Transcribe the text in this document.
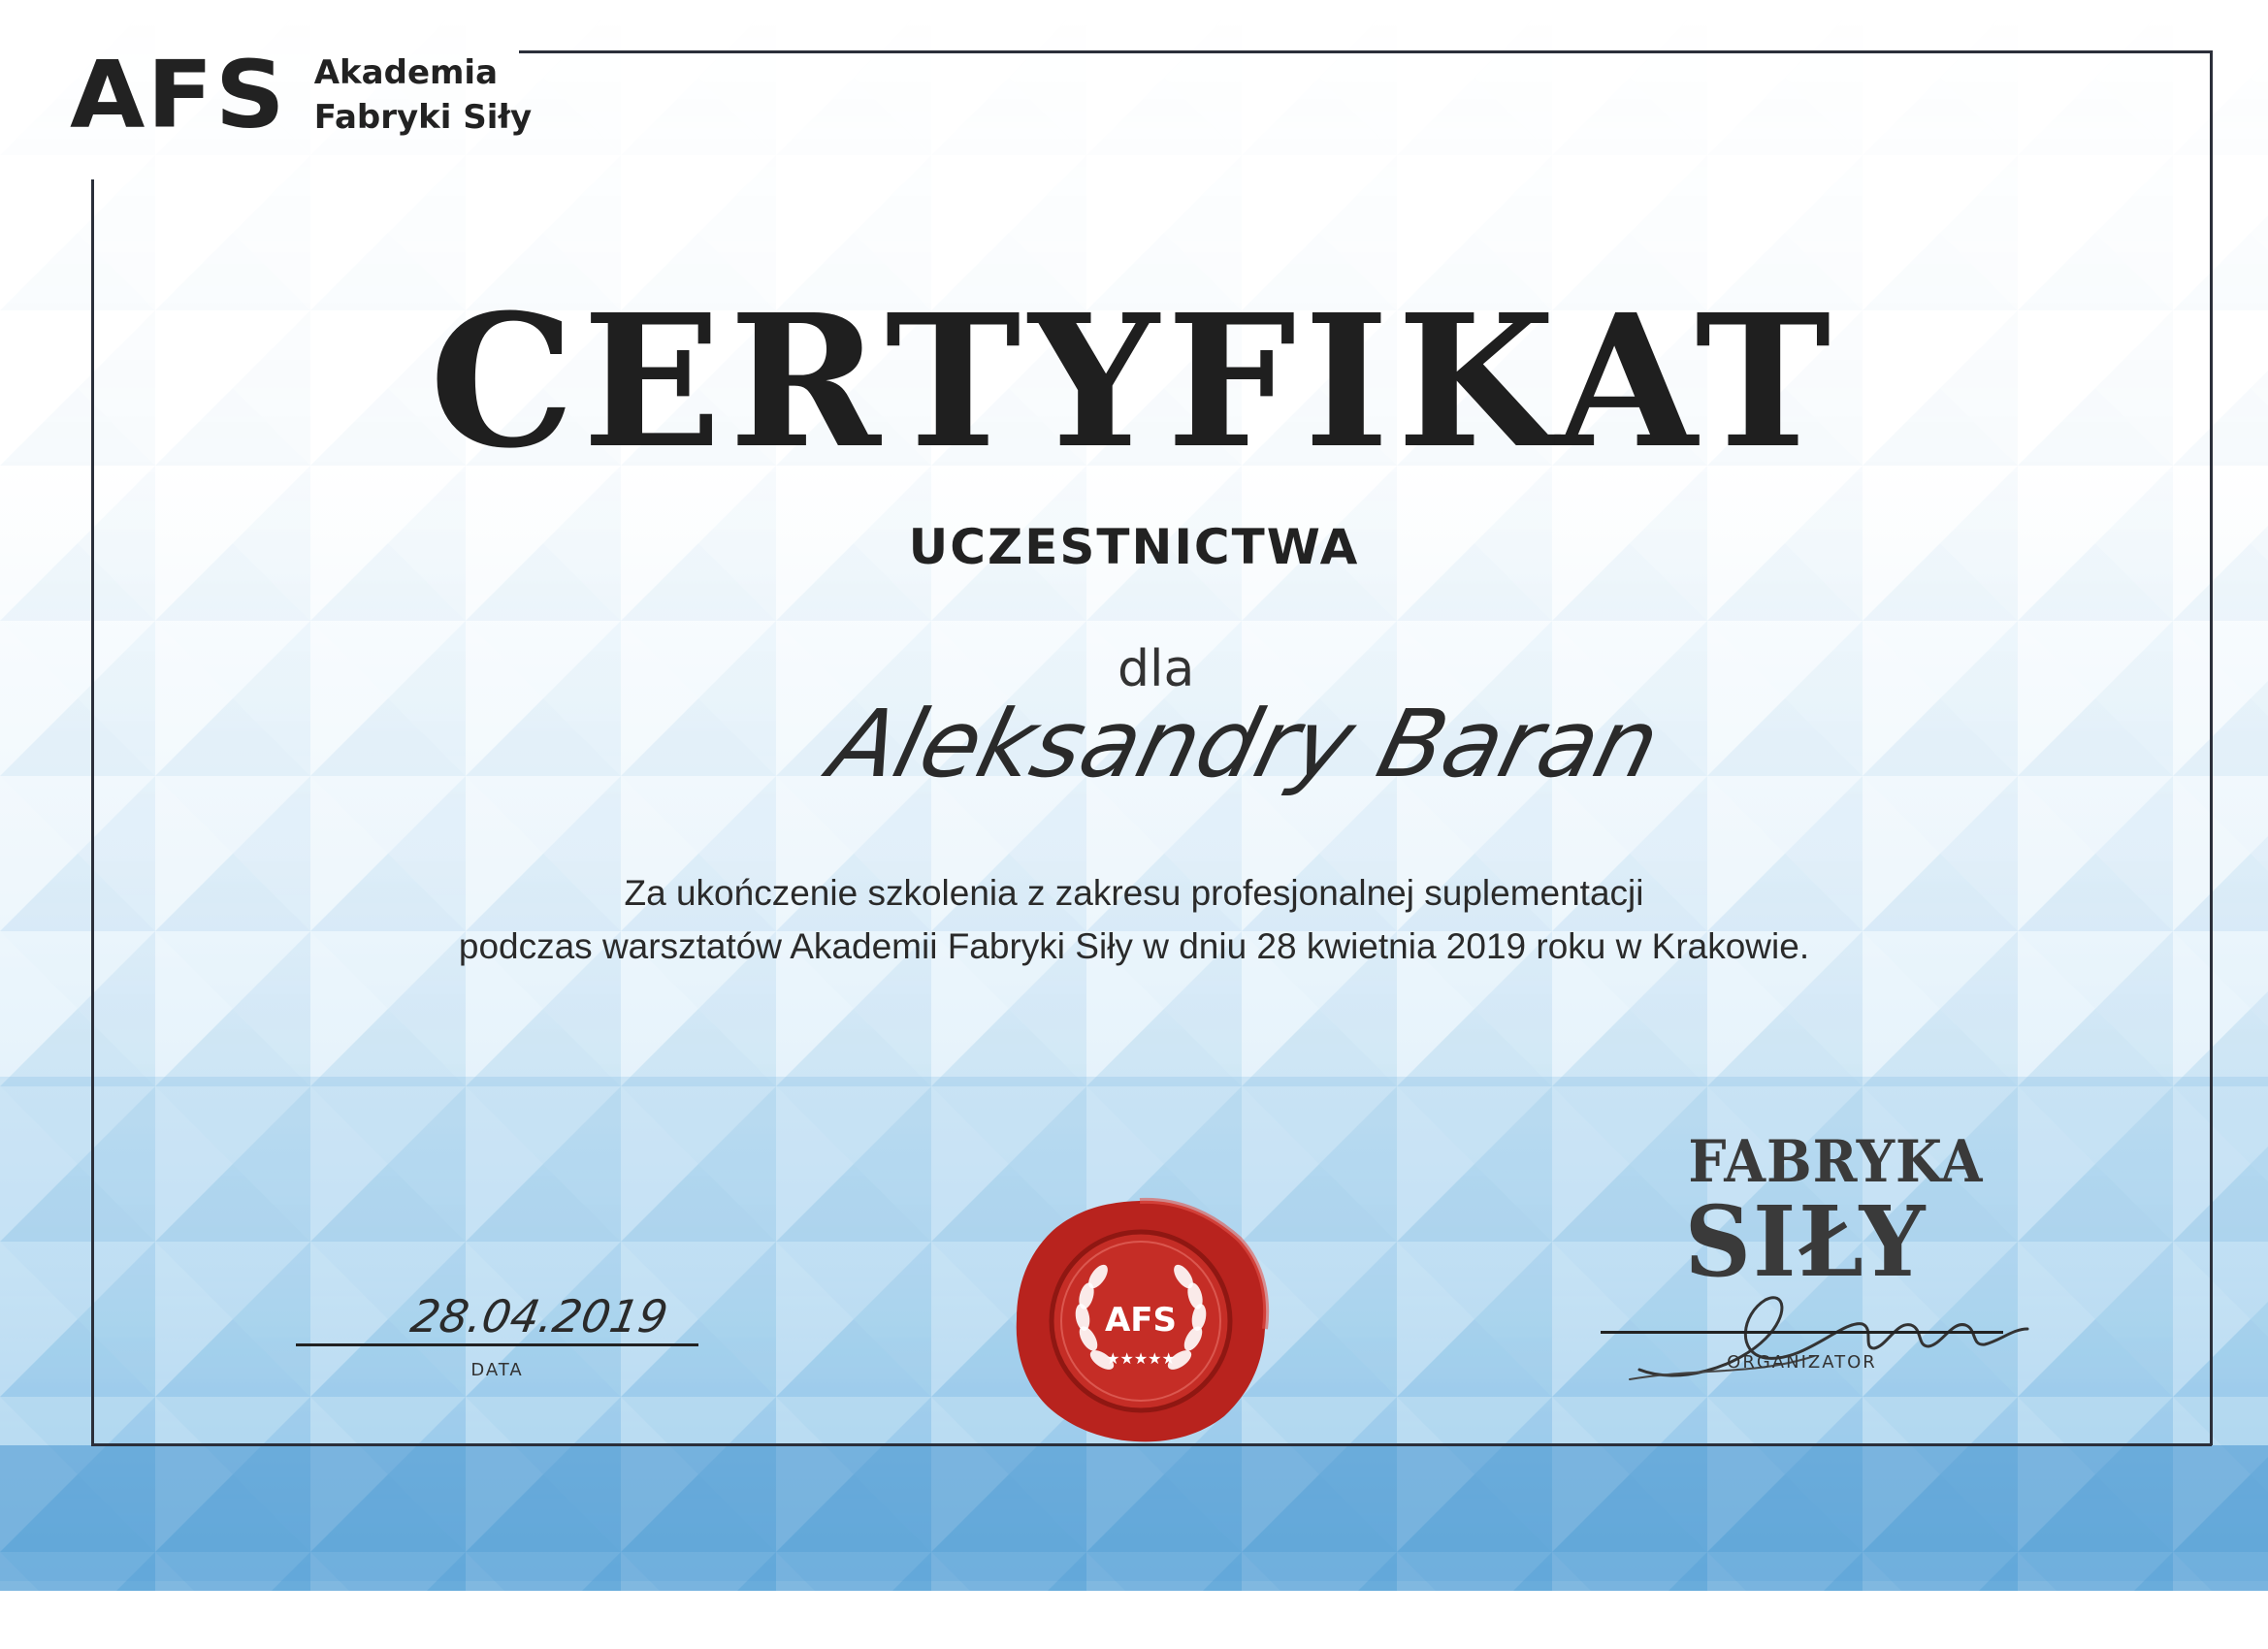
AFS Akademia
Fabryki Siły
CERTYFIKAT
UCZESTNICTWA
dla
Aleksandry Baran
Za ukończenie szkolenia z zakresu profesjonalnej suplementacji
podczas warsztatów Akademii Fabryki Siły w dniu 28 kwietnia 2019 roku w Krakowie.
28.04.2019
DATA
AFS
★★★★★
FABRYKA
SIŁY
ORGANIZATOR
